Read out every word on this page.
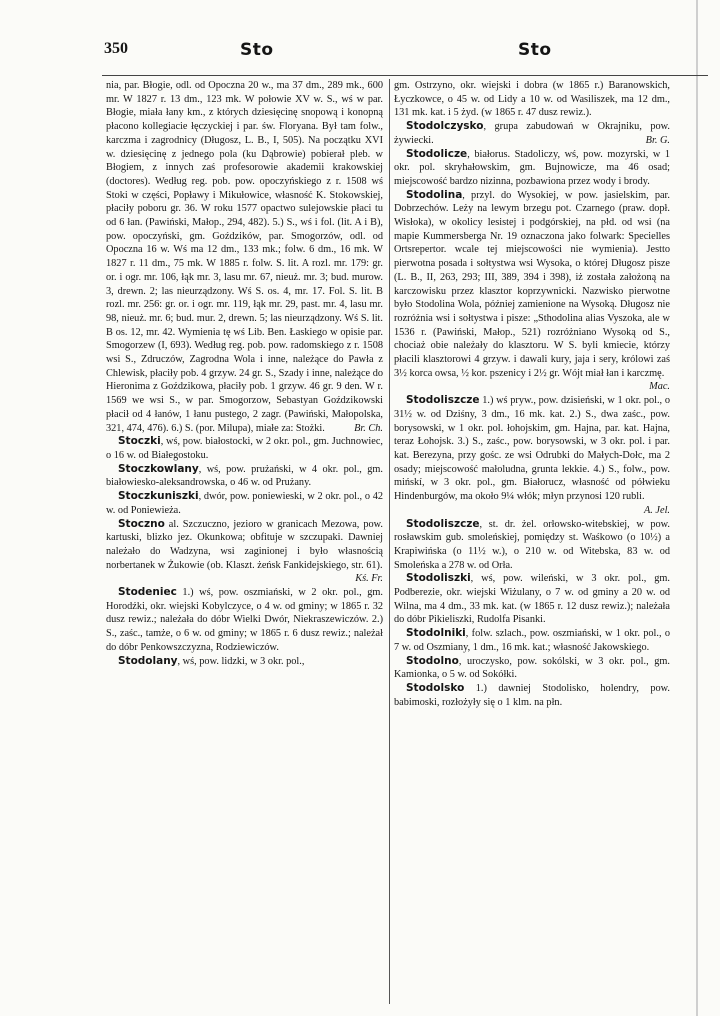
350	Sto	Sto

nia, par. Błogie, odl. od Opoczna 20 w., ma 37 dm., 289 mk., 600 mr. W 1827 r. 13 dm., 123 mk. W połowie XV w. S., wś w par. Błogie, miała łany km., z których dziesięcinę snopową i konopną płacono kollegiacie łęczyckiej i par. św. Floryana. Był tam folw., karczma i zagrodnicy (Długosz, L. B., I, 505). Na początku XVI w. dziesięcinę z jednego pola (ku Dąbrowie) pobierał pleb. w Błogiem, z innych zaś profesorowie akademii krakowskiej (doctores). Według reg. pob. pow. opoczyńskiego z r. 1508 wś Stoki w części, Popławy i Mikułowice, własność K. Stokowskiej, płaciły poboru gr. 36. W roku 1577 opactwo sulejowskie płaci tu od 6 łan. (Pawiński, Małop., 294, 482). 5.) S., wś i fol. (lit. A i B), pow. opoczyński, gm. Goździków, par. Smogorzów, odl. od Opoczna 16 w. Wś ma 12 dm., 133 mk.; folw. 6 dm., 16 mk. W 1827 r. 11 dm., 75 mk. W 1885 r. folw. S. lit. A rozl. mr. 179: gr. or. i ogr. mr. 106, łąk mr. 3, lasu mr. 67, nieuż. mr. 3; bud. murow. 3, drewn. 2; las nieurządzony. Wś S. os. 4, mr. 17. Fol. S. lit. B rozl. mr. 256: gr. or. i ogr. mr. 119, łąk mr. 29, past. mr. 4, lasu mr. 98, nieuż. mr. 6; bud. mur. 2, drewn. 5; las nieurządzony. Wś S. lit. B os. 12, mr. 42. Wymienia tę wś Lib. Ben. Łaskiego w opisie par. Smogorzew (I, 693). Według reg. pob. pow. radomskiego z r. 1508 wsi S., Zdruczów, Zagrodna Wola i inne, należące do Pawła z Chlewisk, płaciły pob. 4 grzyw. 24 gr. S., Szady i inne, należące do Hieronima z Goździkowa, płaciły pob. 1 grzyw. 46 gr. 9 den. W r. 1569 we wsi S., w par. Smogorzow, Sebastyan Goździkowski płacił od 4 łanów, 1 łanu pustego, 2 zagr. (Pawiński, Małopolska, 321, 474, 476). 6.) S. (por. Milupa), miałe za: Stożki.	Br. Ch.

Stoczki, wś, pow. białostocki, w 2 okr. pol., gm. Juchnowiec, o 16 w. od Białegostoku.

Stoczkowlany, wś, pow. prużański, w 4 okr. pol., gm. białowiesko-aleksandrowska, o 46 w. od Prużany.

Stoczkuniszki, dwór, pow. poniewieski, w 2 okr. pol., o 42 w. od Poniewieża.

Stoczno al. Szczuczno, jezioro w granicach Mezowa, pow. kartuski, blizko jez. Okunkowa; obfituje w szczupaki. Dawniej należało do Wadzyna, wsi zaginionej i było własnością norbertanek w Żukowie (ob. Klaszt. żeńsk Fankidejskiego, str. 61).
Kś. Fr.

Stodeniec 1.) wś, pow. oszmiański, w 2 okr. pol., gm. Horodźki, okr. wiejski Kobylczyce, o 4 w. od gminy; w 1865 r. 32 dusz rewiz.; należała do dóbr Wielki Dwór, Niekraszewiczów. 2.) S., zaśc., tamże, o 6 w. od gminy; w 1865 r. 6 dusz rewiz.; należał do dóbr Penkowszczyzna, Rodziewiczów.

Stodolany, wś, pow. lidzki, w 3 okr. pol.,

gm. Ostrzyno, okr. wiejski i dobra (w 1865 r.) Baranowskich, Łyczkowce, o 45 w. od Lidy a 10 w. od Wasiliszek, ma 12 dm., 131 mk. kat. i 5 żyd. (w 1865 r. 47 dusz rewiz.).

Stodolczysko, grupa zabudowań w Okrajniku, pow. żywiecki.	Br. G.

Stodolicze, białorus. Stadoliczy, wś, pow. mozyrski, w 1 okr. pol. skryhałowskim, gm. Bujnowicze, ma 46 osad; miejscowość bardzo nizinna, pozbawiona przez wody i brody.

Stodolina, przyl. do Wysokiej, w pow. jasielskim, par. Dobrzechów. Leży na lewym brzegu pot. Czarnego (praw. dopł. Wisłoka), w okolicy lesistej i podgórskiej, na płd. od wsi (na mapie Kummersberga Nr. 19 oznaczona jako folwark: Specielles Ortsrepertor. wcale tej miejscowości nie wymienia). Jestto pierwotna posada i sołtystwa wsi Wysoka, o której Długosz pisze (L. B., II, 263, 293; III, 389, 394 i 398), iż została założoną na karczowisku przez klasztor koprzywnicki. Nazwisko pierwotne było Stodolina Wola, później zamienione na Wysoką. Długosz nie rozróżnia wsi i sołtystwa i pisze: „Sthodolina alias Vyszoka, ale w 1536 r. (Pawiński, Małop., 521) rozróżniano Wysoką od S., chociaż obie należały do klasztoru. W S. byli kmiecie, którzy płacili klasztorowi 4 grzyw. i dawali kury, jaja i sery, królowi zaś 3½ korca owsa, ½ kor. pszenicy i 2½ gr. Wójt miał łan i karczmę.
Mac.

Stodoliszcze 1.) wś pryw., pow. dzisieński, w 1 okr. pol., o 31½ w. od Dziśny, 3 dm., 16 mk. kat. 2.) S., dwa zaśc., pow. borysowski, w 1 okr. pol. łohojskim, gm. Hajna, par. kat. Hajna, teraz Łohojsk. 3.) S., zaśc., pow. borysowski, w 3 okr. pol. i par. kat. Berezyna, przy gośc. ze wsi Odrubki do Małych-Dołc, ma 2 osady; miejscowość małoludna, grunta lekkie. 4.) S., folw., pow. mińskí, w 3 okr. pol., gm. Białorucz, własność od półwieku Hindenburgów, ma około 9¼ włók; młyn przynosi 120 rubli.
A. Jel.

Stodoliszcze, st. dr. żel. orłowsko-witebskiej, w pow. rosławskim gub. smoleńskiej, pomiędzy st. Waśkowo (o 10½) a Krapiwińska (o 11½ w.), o 210 w. od Witebska, 83 w. od Smoleńska a 278 w. od Orła.

Stodoliszki, wś, pow. wileński, w 3 okr. pol., gm. Podberezie, okr. wiejski Wiżulany, o 7 w. od gminy a 20 w. od Wilna, ma 4 dm., 33 mk. kat. (w 1865 r. 12 dusz rewiz.); należała do dóbr Pikieliszki, Rudolfa Pisanki.

Stodolniki, folw. szlach., pow. oszmiański, w 1 okr. pol., o 7 w. od Oszmiany, 1 dm., 16 mk. kat.; własność Jakowskiego.

Stodolno, uroczysko, pow. sokólski, w 3 okr. pol., gm. Kamionka, o 5 w. od Sokółki.

Stodolsko 1.) dawniej Stodolisko, holendry, pow. babimoski, rozłożyły się o 1 klm. na płn.
